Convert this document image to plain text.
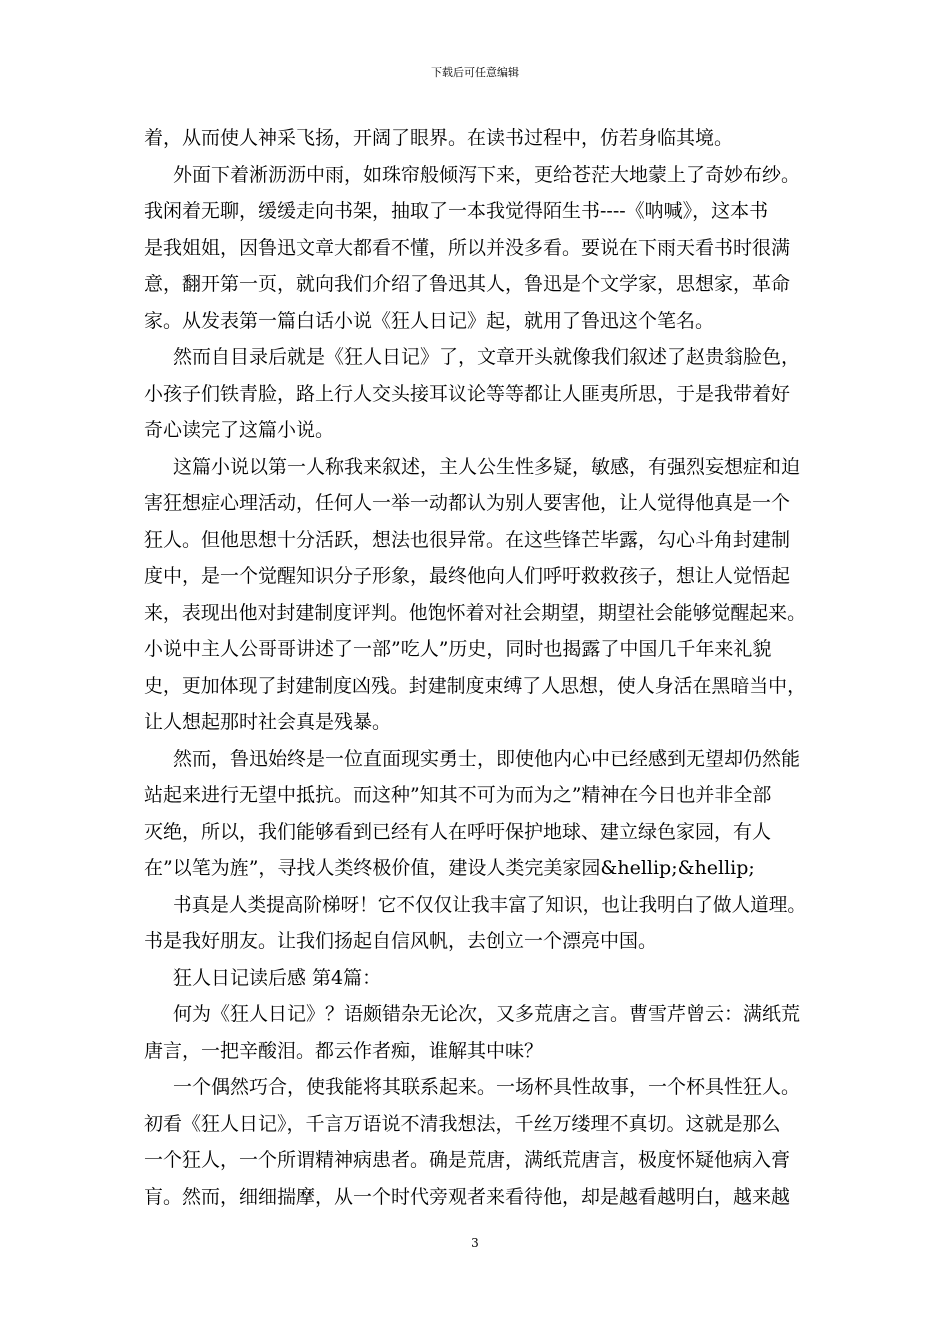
下载后可任意编辑
着，从而使人神采飞扬，开阔了眼界。在读书过程中，仿若身临其境。
外面下着淅沥沥中雨，如珠帘般倾泻下来，更给苍茫大地蒙上了奇妙布纱。
我闲着无聊，缓缓走向书架，抽取了一本我觉得陌生书----《呐喊》，这本书
是我姐姐，因鲁迅文章大都看不懂，所以并没多看。要说在下雨天看书时很满
意，翻开第一页，就向我们介绍了鲁迅其人，鲁迅是个文学家，思想家，革命
家。从发表第一篇白话小说《狂人日记》起，就用了鲁迅这个笔名。
然而自目录后就是《狂人日记》了，文章开头就像我们叙述了赵贵翁脸色，
小孩子们铁青脸，路上行人交头接耳议论等等都让人匪夷所思，于是我带着好
奇心读完了这篇小说。
这篇小说以第一人称我来叙述，主人公生性多疑，敏感，有强烈妄想症和迫
害狂想症心理活动，任何人一举一动都认为别人要害他，让人觉得他真是一个
狂人。但他思想十分活跃，想法也很异常。在这些锋芒毕露，勾心斗角封建制
度中，是一个觉醒知识分子形象，最终他向人们呼吁救救孩子，想让人觉悟起
来，表现出他对封建制度评判。他饱怀着对社会期望，期望社会能够觉醒起来。
小说中主人公哥哥讲述了一部”吃人”历史，同时也揭露了中国几千年来礼貌
史，更加体现了封建制度凶残。封建制度束缚了人思想，使人身活在黑暗当中，
让人想起那时社会真是残暴。
然而，鲁迅始终是一位直面现实勇士，即使他内心中已经感到无望却仍然能
站起来进行无望中抵抗。而这种”知其不可为而为之”精神在今日也并非全部
灭绝，所以，我们能够看到已经有人在呼吁保护地球、建立绿色家园，有人
在”以笔为旌”，寻找人类终极价值，建设人类完美家园&hellip;&hellip;
书真是人类提高阶梯呀！它不仅仅让我丰富了知识，也让我明白了做人道理。
书是我好朋友。让我们扬起自信风帆，去创立一个漂亮中国。
狂人日记读后感 第4篇：
何为《狂人日记》？语颇错杂无论次，又多荒唐之言。曹雪芹曾云：满纸荒
唐言，一把辛酸泪。都云作者痴，谁解其中味？
一个偶然巧合，使我能将其联系起来。一场杯具性故事，一个杯具性狂人。
初看《狂人日记》，千言万语说不清我想法，千丝万缕理不真切。这就是那么
一个狂人，一个所谓精神病患者。确是荒唐，满纸荒唐言，极度怀疑他病入膏
肓。然而，细细揣摩，从一个时代旁观者来看待他，却是越看越明白，越来越
3
